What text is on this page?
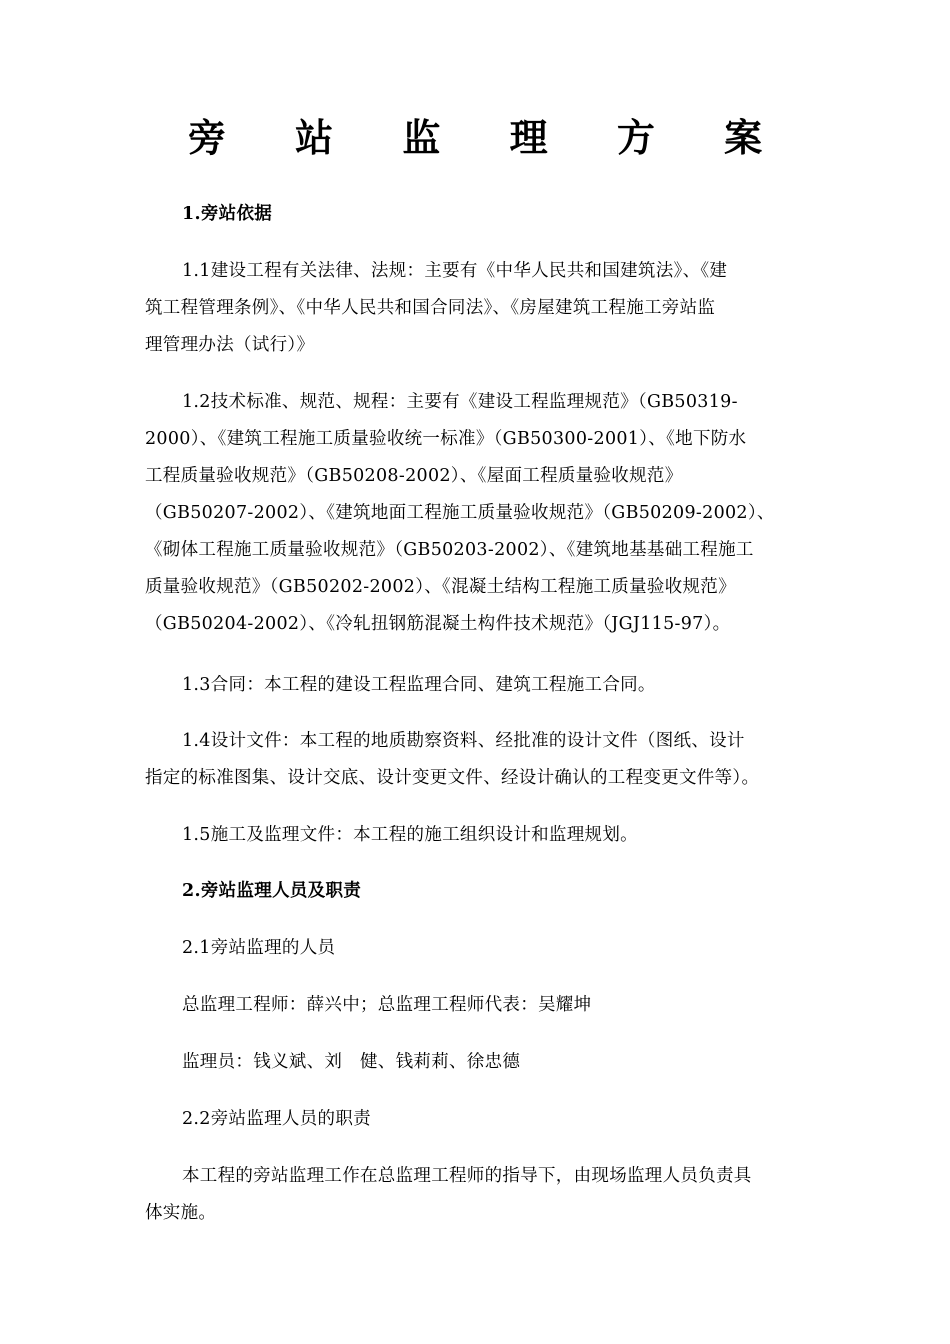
旁 站 监 理 方 案
1.旁站依据
1.1建设工程有关法律、法规：主要有《中华人民共和国建筑法》、《建
筑工程管理条例》、《中华人民共和国合同法》、《房屋建筑工程施工旁站监
理管理办法（试行）》
1.2技术标准、规范、规程：主要有《建设工程监理规范》（GB50319-
2000）、《建筑工程施工质量验收统一标准》（GB50300-2001）、《地下防水
工程质量验收规范》（GB50208-2002）、《屋面工程质量验收规范》
（GB50207-2002）、《建筑地面工程施工质量验收规范》（GB50209-2002）、
《砌体工程施工质量验收规范》（GB50203-2002）、《建筑地基基础工程施工
质量验收规范》（GB50202-2002）、《混凝土结构工程施工质量验收规范》
（GB50204-2002）、《冷轧扭钢筋混凝土构件技术规范》（JGJ115-97）。
1.3合同：本工程的建设工程监理合同、建筑工程施工合同。
1.4设计文件：本工程的地质勘察资料、经批准的设计文件（图纸、设计
指定的标准图集、设计交底、设计变更文件、经设计确认的工程变更文件等）。
1.5施工及监理文件：本工程的施工组织设计和监理规划。
2.旁站监理人员及职责
2.1旁站监理的人员
总监理工程师：薛兴中；总监理工程师代表：吴耀坤
监理员：钱义斌、刘　健、钱莉莉、徐忠德
2.2旁站监理人员的职责
本工程的旁站监理工作在总监理工程师的指导下，由现场监理人员负责具
体实施。
